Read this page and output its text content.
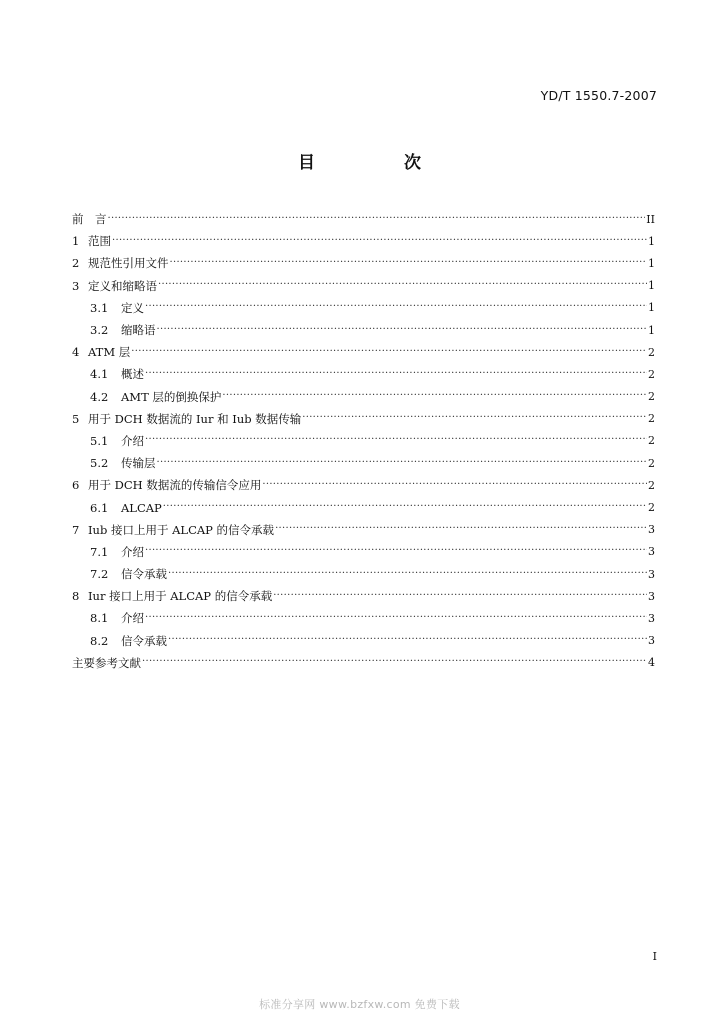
YD/T 1550.7-2007
目　次
前　言 ·····	II
1 范围 ·····	1
2 规范性引用文件 ·····	1
3 定义和缩略语 ·····	1
3.1	定义 ·····	1
3.2	缩略语 ·····	1
4 ATM 层 ·····	2
4.1	概述 ·····	2
4.2	AMT 层的倒换保护 ·····	2
5 用于 DCH 数据流的 Iur 和 Iub 数据传输 ·····	2
5.1	介绍 ·····	2
5.2	传输层 ·····	2
6 用于 DCH 数据流的传输信令应用 ·····	2
6.1	ALCAP ·····	2
7 Iub 接口上用于 ALCAP 的信令承载 ·····	3
7.1	介绍 ·····	3
7.2	信令承载 ·····	3
8 Iur 接口上用于 ALCAP 的信令承载 ·····	3
8.1	介绍 ·····	3
8.2	信令承载 ·····	3
主要参考文献 ·····	4
I
标准分享网 www.bzfxw.com 免费下载
